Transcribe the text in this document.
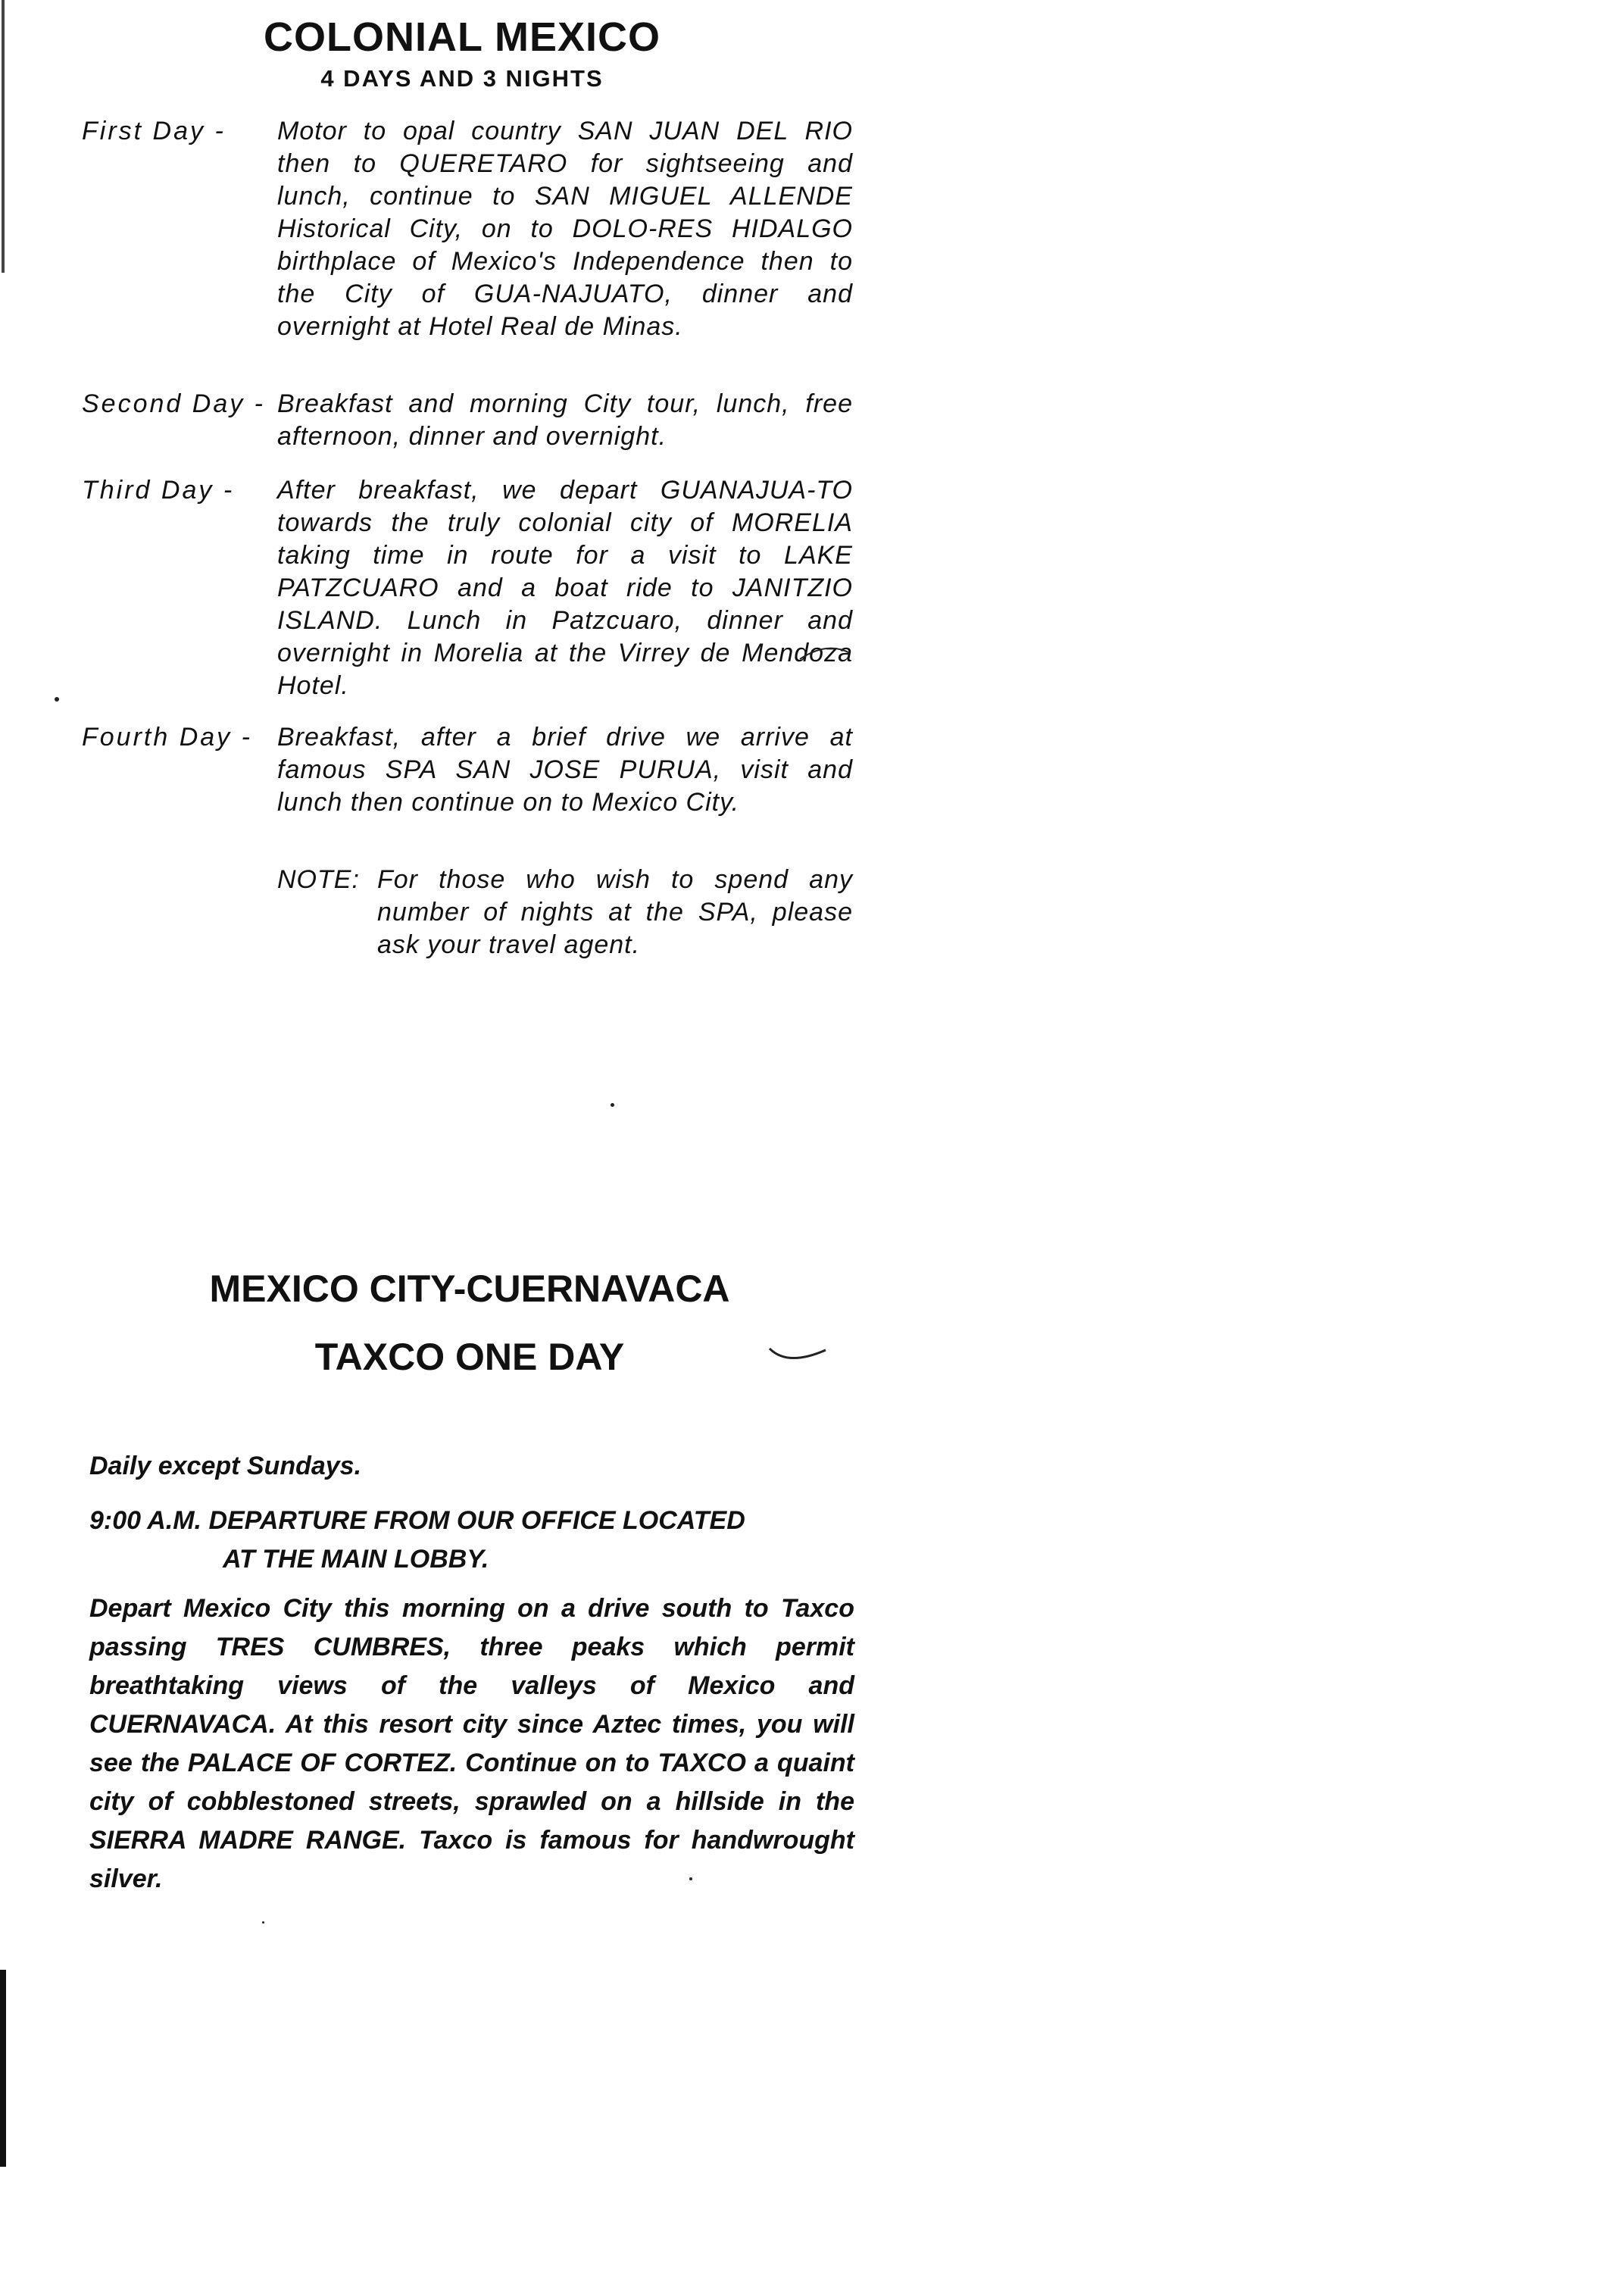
COLONIAL MEXICO
4 DAYS AND 3 NIGHTS
First Day - Motor to opal country SAN JUAN DEL RIO then to QUERETARO for sightseeing and lunch, continue to SAN MIGUEL ALLENDE Historical City, on to DOLO-RES HIDALGO birthplace of Mexico's Independence then to the City of GUA-NAJUATO, dinner and overnight at Hotel Real de Minas.
Second Day - Breakfast and morning City tour, lunch, free afternoon, dinner and overnight.
Third Day - After breakfast, we depart GUANAJUA-TO towards the truly colonial city of MORELIA taking time in route for a visit to LAKE PATZCUARO and a boat ride to JANITZIO ISLAND. Lunch in Patzcuaro, dinner and overnight in Morelia at the Virrey de Mendoza Hotel.
Fourth Day - Breakfast, after a brief drive we arrive at famous SPA SAN JOSE PURUA, visit and lunch then continue on to Mexico City.
NOTE: For those who wish to spend any number of nights at the SPA, please ask your travel agent.
MEXICO CITY-CUERNAVACA
TAXCO ONE DAY
Daily except Sundays.
9:00 A.M. DEPARTURE FROM OUR OFFICE LOCATED
AT THE MAIN LOBBY.
Depart Mexico City this morning on a drive south to Taxco passing TRES CUMBRES, three peaks which permit breathtaking views of the valleys of Mexico and CUERNAVACA. At this resort city since Aztec times, you will see the PALACE OF CORTEZ. Continue on to TAXCO a quaint city of cobblestoned streets, sprawled on a hillside in the SIERRA MADRE RANGE. Taxco is famous for handwrought silver.
